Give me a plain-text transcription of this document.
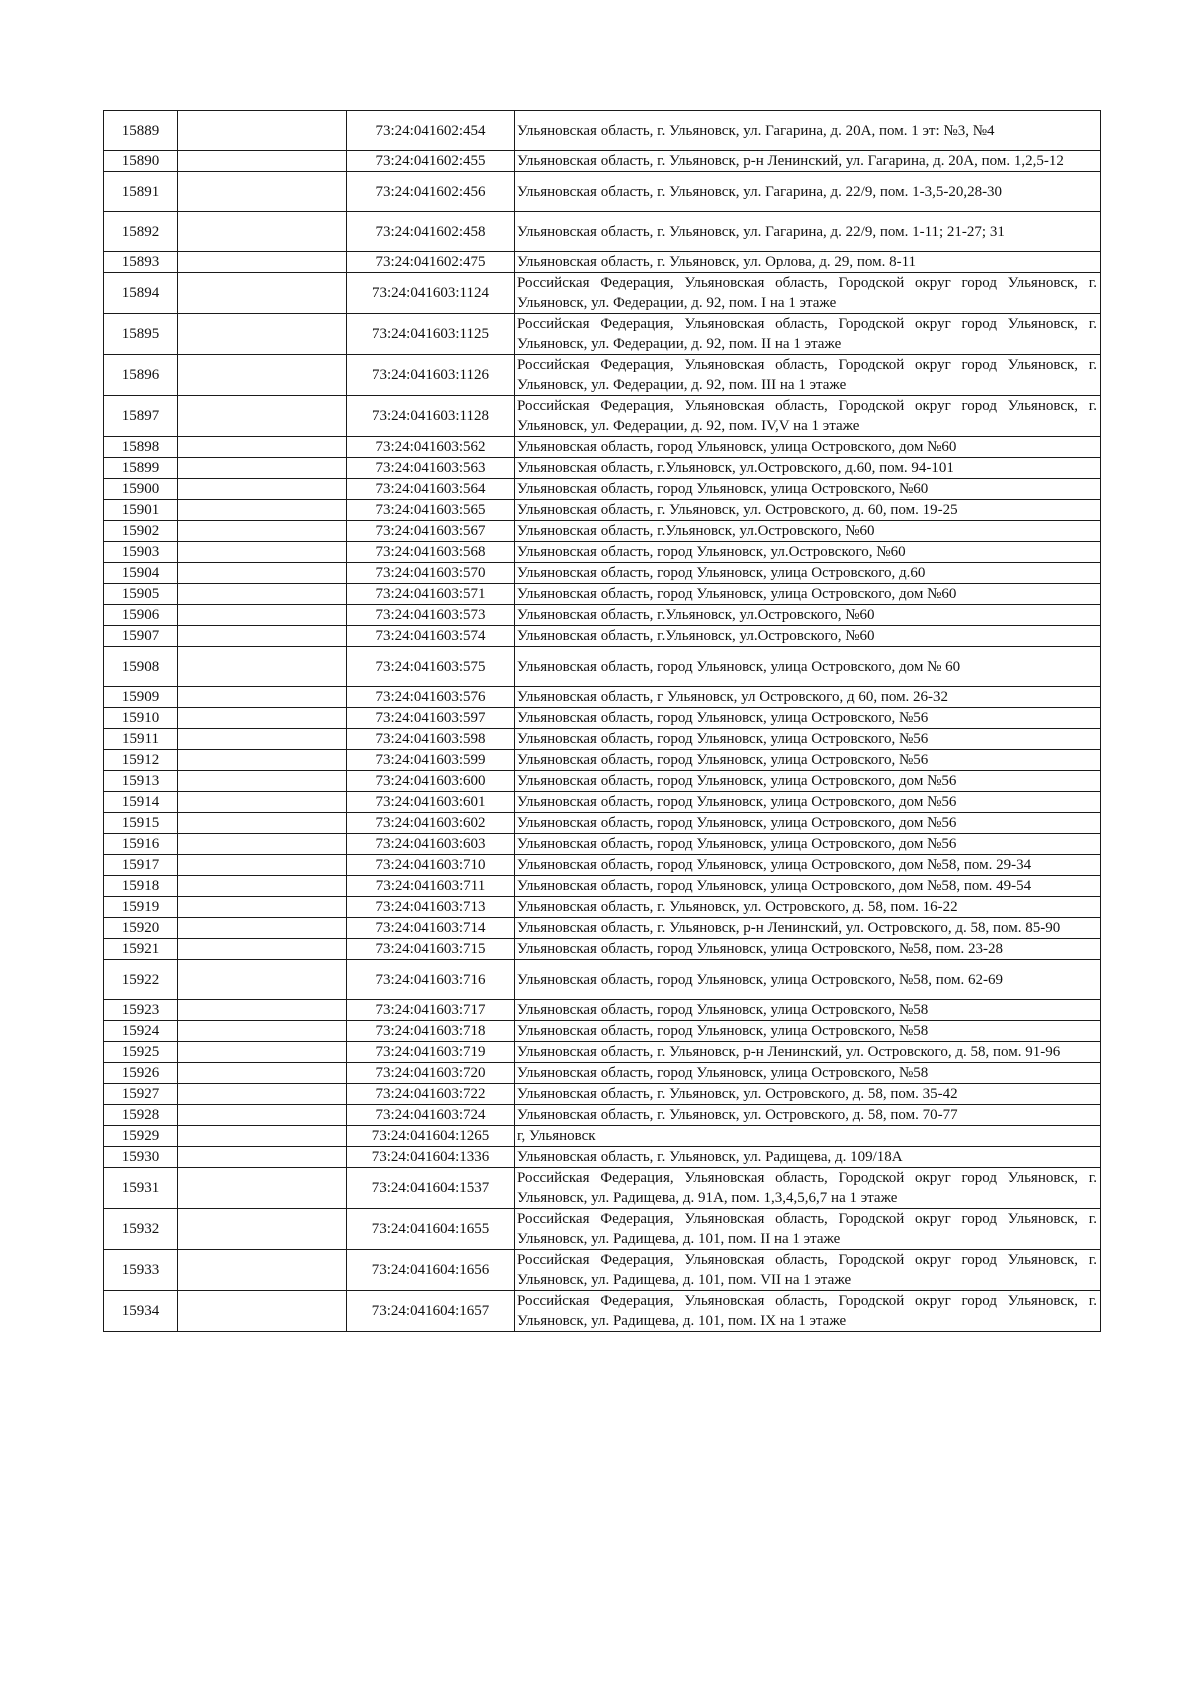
15889		73:24:041602:454	Ульяновская область, г. Ульяновск, ул. Гагарина, д. 20А, пом. 1 эт: №3, №4
15890		73:24:041602:455	Ульяновская область, г. Ульяновск, р-н Ленинский, ул. Гагарина, д. 20А, пом. 1,2,5-12
15891		73:24:041602:456	Ульяновская область, г. Ульяновск, ул. Гагарина, д. 22/9, пом. 1-3,5-20,28-30
15892		73:24:041602:458	Ульяновская область, г. Ульяновск, ул. Гагарина, д. 22/9, пом. 1-11; 21-27; 31
15893		73:24:041602:475	Ульяновская область, г. Ульяновск, ул. Орлова, д. 29, пом. 8-11
15894		73:24:041603:1124	Российская Федерация, Ульяновская область, Городской округ город Ульяновск, г. Ульяновск, ул. Федерации, д. 92, пом. I на 1 этаже
15895		73:24:041603:1125	Российская Федерация, Ульяновская область, Городской округ город Ульяновск, г. Ульяновск, ул. Федерации, д. 92, пом. II на 1 этаже
15896		73:24:041603:1126	Российская Федерация, Ульяновская область, Городской округ город Ульяновск, г. Ульяновск, ул. Федерации, д. 92, пом. III на 1 этаже
15897		73:24:041603:1128	Российская Федерация, Ульяновская область, Городской округ город Ульяновск, г. Ульяновск, ул. Федерации, д. 92, пом. IV,V на 1 этаже
15898		73:24:041603:562	Ульяновская область, город Ульяновск, улица Островского, дом №60
15899		73:24:041603:563	Ульяновская область, г.Ульяновск, ул.Островского, д.60, пом. 94-101
15900		73:24:041603:564	Ульяновская область, город Ульяновск, улица Островского, №60
15901		73:24:041603:565	Ульяновская область, г. Ульяновск, ул. Островского, д. 60, пом. 19-25
15902		73:24:041603:567	Ульяновская область, г.Ульяновск, ул.Островского, №60
15903		73:24:041603:568	Ульяновская область, город Ульяновск, ул.Островского, №60
15904		73:24:041603:570	Ульяновская область, город Ульяновск, улица Островского, д.60
15905		73:24:041603:571	Ульяновская область, город Ульяновск, улица Островского, дом №60
15906		73:24:041603:573	Ульяновская область, г.Ульяновск, ул.Островского, №60
15907		73:24:041603:574	Ульяновская область, г.Ульяновск, ул.Островского, №60
15908		73:24:041603:575	Ульяновская область, город Ульяновск, улица Островского, дом № 60
15909		73:24:041603:576	Ульяновская область, г Ульяновск, ул Островского, д 60, пом. 26-32
15910		73:24:041603:597	Ульяновская область, город Ульяновск, улица Островского, №56
15911		73:24:041603:598	Ульяновская область, город Ульяновск, улица Островского, №56
15912		73:24:041603:599	Ульяновская область, город Ульяновск, улица Островского, №56
15913		73:24:041603:600	Ульяновская область, город Ульяновск, улица Островского, дом №56
15914		73:24:041603:601	Ульяновская область, город Ульяновск, улица Островского, дом №56
15915		73:24:041603:602	Ульяновская область, город Ульяновск, улица Островского, дом №56
15916		73:24:041603:603	Ульяновская область, город Ульяновск, улица Островского, дом №56
15917		73:24:041603:710	Ульяновская область, город Ульяновск, улица Островского, дом №58, пом. 29-34
15918		73:24:041603:711	Ульяновская область, город Ульяновск, улица Островского, дом №58, пом. 49-54
15919		73:24:041603:713	Ульяновская область, г. Ульяновск, ул. Островского, д. 58, пом. 16-22
15920		73:24:041603:714	Ульяновская область, г. Ульяновск, р-н Ленинский, ул. Островского, д. 58, пом. 85-90
15921		73:24:041603:715	Ульяновская область, город Ульяновск, улица Островского, №58, пом. 23-28
15922		73:24:041603:716	Ульяновская область, город Ульяновск, улица Островского, №58, пом. 62-69
15923		73:24:041603:717	Ульяновская область, город Ульяновск, улица Островского, №58
15924		73:24:041603:718	Ульяновская область, город Ульяновск, улица Островского, №58
15925		73:24:041603:719	Ульяновская область, г. Ульяновск, р-н Ленинский, ул. Островского, д. 58, пом. 91-96
15926		73:24:041603:720	Ульяновская область, город Ульяновск, улица Островского, №58
15927		73:24:041603:722	Ульяновская область, г. Ульяновск, ул. Островского, д. 58, пом. 35-42
15928		73:24:041603:724	Ульяновская область, г. Ульяновск, ул. Островского, д. 58, пом. 70-77
15929		73:24:041604:1265	г, Ульяновск
15930		73:24:041604:1336	Ульяновская область, г. Ульяновск, ул. Радищева, д. 109/18А
15931		73:24:041604:1537	Российская Федерация, Ульяновская область, Городской округ город Ульяновск, г. Ульяновск, ул. Радищева, д. 91А, пом. 1,3,4,5,6,7 на 1 этаже
15932		73:24:041604:1655	Российская Федерация, Ульяновская область, Городской округ город Ульяновск, г. Ульяновск, ул. Радищева, д. 101, пом. II на 1 этаже
15933		73:24:041604:1656	Российская Федерация, Ульяновская область, Городской округ город Ульяновск, г. Ульяновск, ул. Радищева, д. 101, пом. VII на 1 этаже
15934		73:24:041604:1657	Российская Федерация, Ульяновская область, Городской округ город Ульяновск, г. Ульяновск, ул. Радищева, д. 101, пом. IX на 1 этаже
